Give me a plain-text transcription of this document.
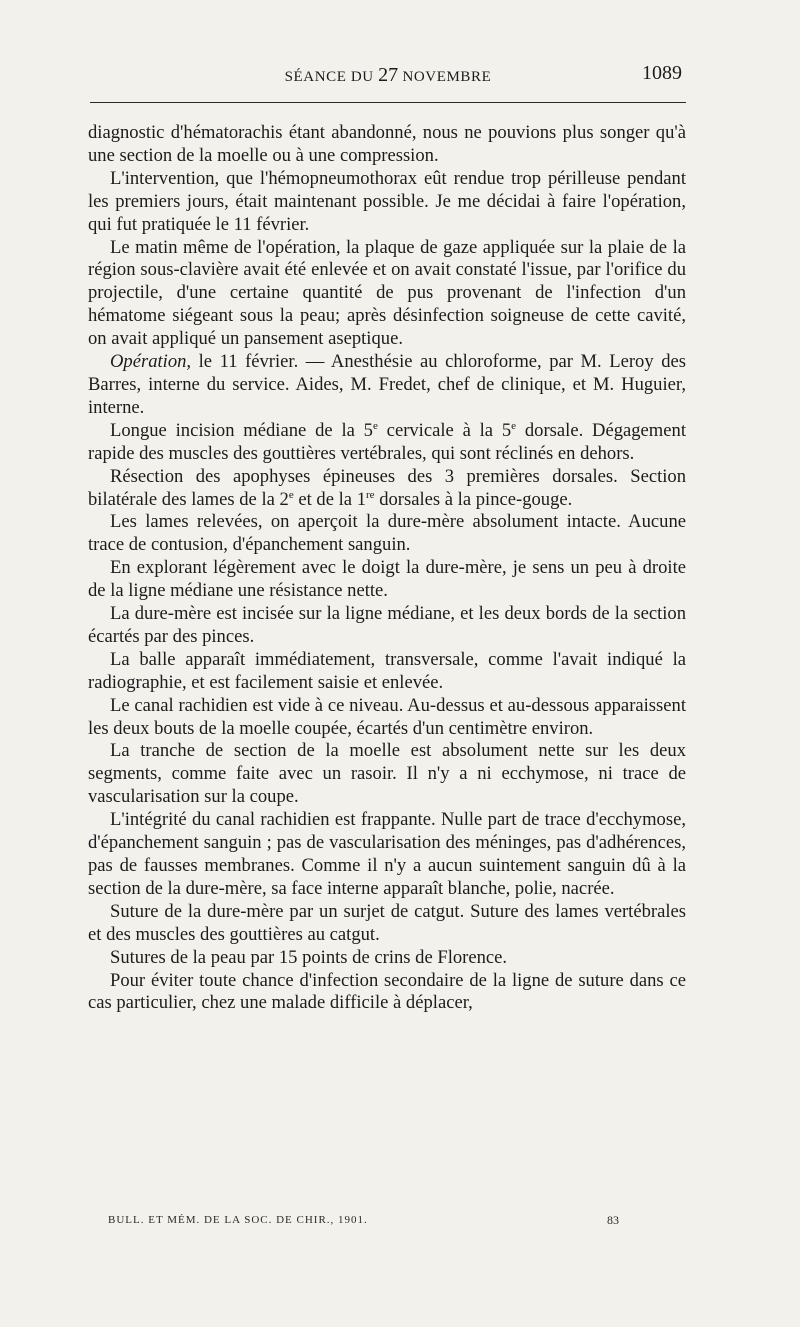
SÉANCE DU 27 NOVEMBRE	1089

diagnostic d'hématorachis étant abandonné, nous ne pouvions plus songer qu'à une section de la moelle ou à une compression.

L'intervention, que l'hémopneumothorax eût rendue trop périlleuse pendant les premiers jours, était maintenant possible. Je me décidai à faire l'opération, qui fut pratiquée le 11 février.

Le matin même de l'opération, la plaque de gaze appliquée sur la plaie de la région sous-clavière avait été enlevée et on avait constaté l'issue, par l'orifice du projectile, d'une certaine quantité de pus provenant de l'infection d'un hématome siégeant sous la peau; après désinfection soigneuse de cette cavité, on avait appliqué un pansement aseptique.

Opération, le 11 février. — Anesthésie au chloroforme, par M. Leroy des Barres, interne du service. Aides, M. Fredet, chef de clinique, et M. Huguier, interne.

Longue incision médiane de la 5e cervicale à la 5e dorsale. Dégagement rapide des muscles des gouttières vertébrales, qui sont réclinés en dehors.

Résection des apophyses épineuses des 3 premières dorsales. Section bilatérale des lames de la 2e et de la 1re dorsales à la pince-gouge.

Les lames relevées, on aperçoit la dure-mère absolument intacte. Aucune trace de contusion, d'épanchement sanguin.

En explorant légèrement avec le doigt la dure-mère, je sens un peu à droite de la ligne médiane une résistance nette.

La dure-mère est incisée sur la ligne médiane, et les deux bords de la section écartés par des pinces.

La balle apparaît immédiatement, transversale, comme l'avait indiqué la radiographie, et est facilement saisie et enlevée.

Le canal rachidien est vide à ce niveau. Au-dessus et au-dessous apparaissent les deux bouts de la moelle coupée, écartés d'un centimètre environ.

La tranche de section de la moelle est absolument nette sur les deux segments, comme faite avec un rasoir. Il n'y a ni ecchymose, ni trace de vascularisation sur la coupe.

L'intégrité du canal rachidien est frappante. Nulle part de trace d'ecchymose, d'épanchement sanguin ; pas de vascularisation des méninges, pas d'adhérences, pas de fausses membranes. Comme il n'y a aucun suintement sanguin dû à la section de la dure-mère, sa face interne apparaît blanche, polie, nacrée.

Suture de la dure-mère par un surjet de catgut. Suture des lames vertébrales et des muscles des gouttières au catgut.

Sutures de la peau par 15 points de crins de Florence.

Pour éviter toute chance d'infection secondaire de la ligne de suture dans ce cas particulier, chez une malade difficile à déplacer,

BULL. ET MÉM. DE LA SOC. DE CHIR., 1901.	83
